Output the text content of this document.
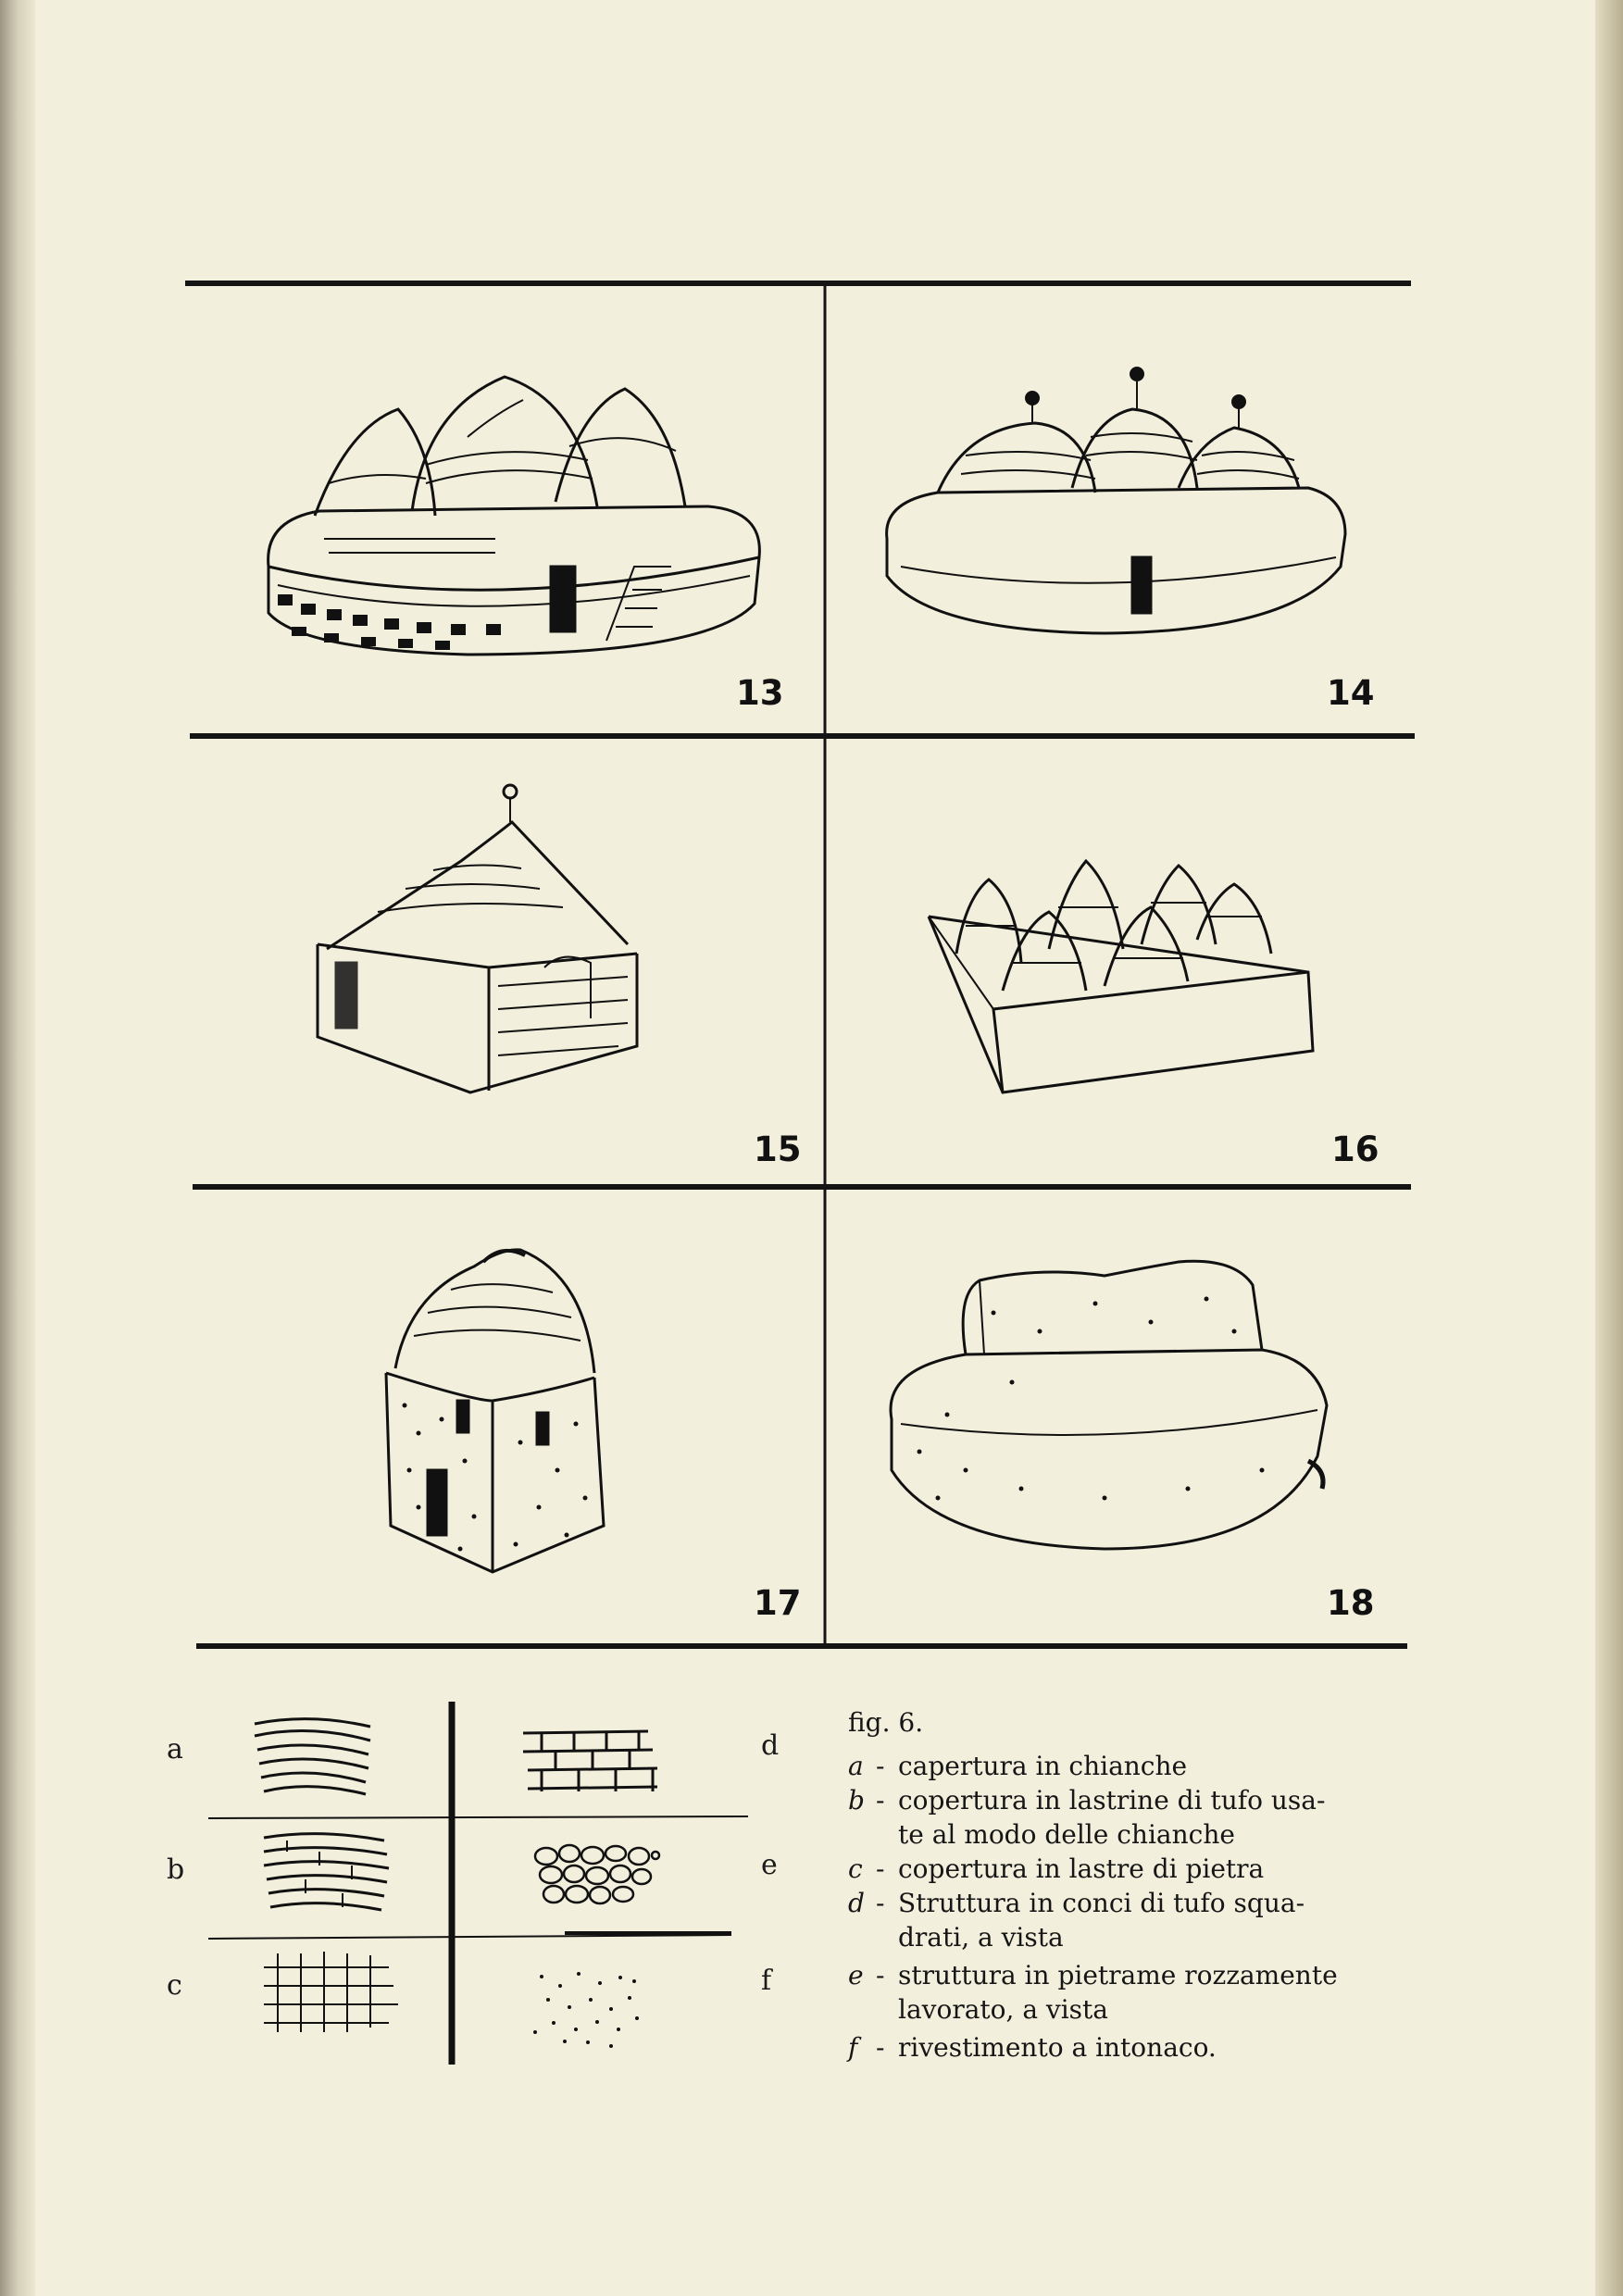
13	14
15	16
17	18
a
b
c
d
e
f
fig. 6.
a - capertura in chianche
b - copertura in lastrine di tufo usa-
te al modo delle chianche
c - copertura in lastre di pietra
d - Struttura in conci di tufo squa-
drati, a vista
e - struttura in pietrame rozzamente
lavorato, a vista
f - rivestimento a intonaco.
